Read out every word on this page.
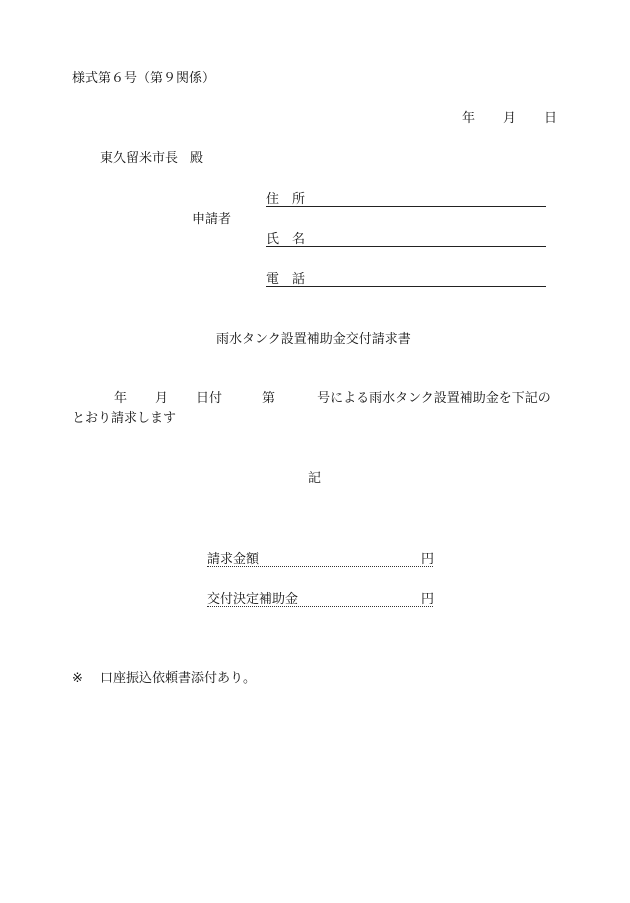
様式第６号（第９関係）
年 月 日
東久留米市長 殿
申請者
住 所
氏 名
電 話
雨水タンク設置補助金交付請求書
年 月 日付	第	号による雨水タンク設置補助金を下記の
とおり請求します
記
請求金額	円
交付決定補助金	円
※ 口座振込依頼書添付あり。
